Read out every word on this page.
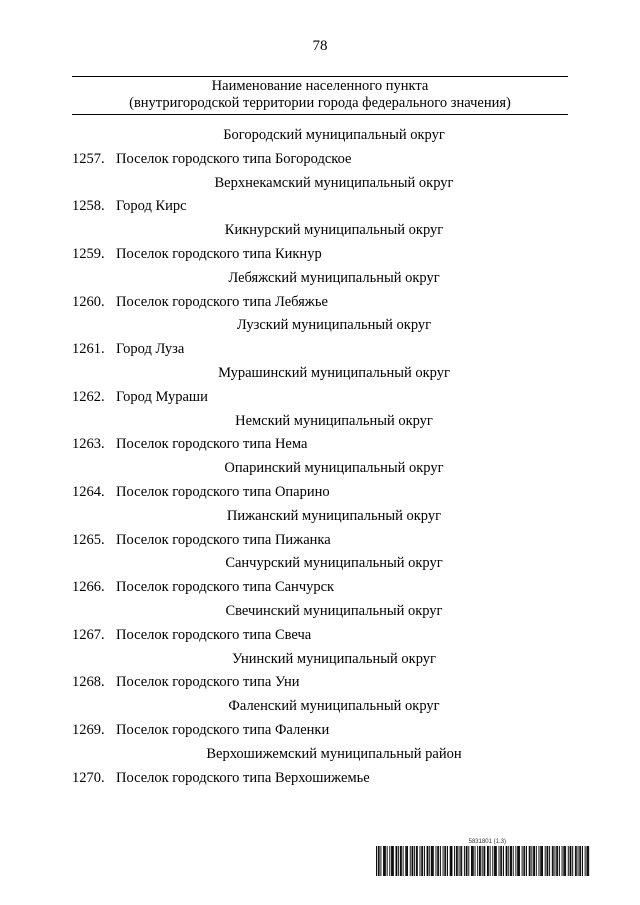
78
Наименование населенного пункта
(внутригородской территории города федерального значения)
Богородский муниципальный округ
1257. Поселок городского типа Богородское
Верхнекамский муниципальный округ
1258. Город Кирс
Кикнурский муниципальный округ
1259. Поселок городского типа Кикнур
Лебяжский муниципальный округ
1260. Поселок городского типа Лебяжье
Лузский муниципальный округ
1261. Город Луза
Мурашинский муниципальный округ
1262. Город Мураши
Немский муниципальный округ
1263. Поселок городского типа Нема
Опаринский муниципальный округ
1264. Поселок городского типа Опарино
Пижанский муниципальный округ
1265. Поселок городского типа Пижанка
Санчурский муниципальный округ
1266. Поселок городского типа Санчурск
Свечинский муниципальный округ
1267. Поселок городского типа Свеча
Унинский муниципальный округ
1268. Поселок городского типа Уни
Фаленский муниципальный округ
1269. Поселок городского типа Фаленки
Верхошижемский муниципальный район
1270. Поселок городского типа Верхошижемье
5831801 (1.3)
